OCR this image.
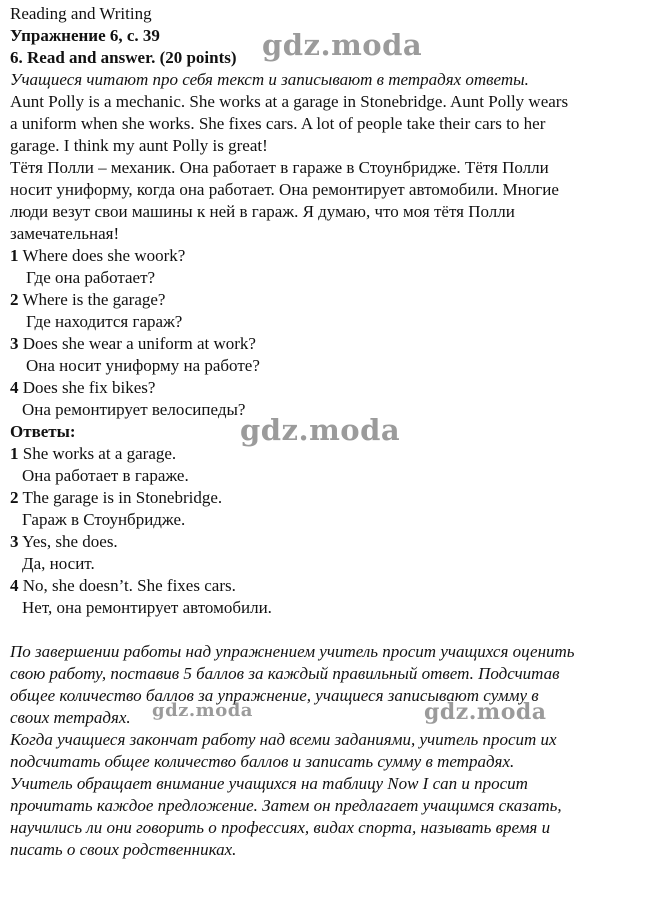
Reading and Writing
Упражнение 6, с. 39
6. Read and answer. (20 points)
Учащиеся читают про себя текст и записывают в тетрадях ответы.
Aunt Polly is a mechanic. She works at a garage in Stonebridge. Aunt Polly wears
a uniform when she works. She fixes cars. A lot of people take their cars to her
garage. I think my aunt Polly is great!
Тётя Полли – механик. Она работает в гараже в Стоунбридже. Тётя Полли
носит униформу, когда она работает. Она ремонтирует автомобили. Многие
люди везут свои машины к ней в гараж. Я думаю, что моя тётя Полли
замечательная!
1 Where does she woork?
Где она работает?
2 Where is the garage?
Где находится гараж?
3 Does she wear a uniform at work?
Она носит униформу на работе?
4 Does she fix bikes?
Она ремонтирует велосипеды?
Ответы:
1 She works at a garage.
Она работает в гараже.
2 The garage is in Stonebridge.
Гараж в Стоунбридже.
3 Yes, she does.
Да, носит.
4 No, she doesn’t. She fixes cars.
Нет, она ремонтирует автомобили.
По завершении работы над упражнением учитель просит учащихся оценить
свою работу, поставив 5 баллов за каждый правильный ответ. Подсчитав
общее количество баллов за упражнение, учащиеся записывают сумму в
своих тетрадях.
Когда учащиеся закончат работу над всеми заданиями, учитель просит их
подсчитать общее количество баллов и записать сумму в тетрадях.
Учитель обращает внимание учащихся на таблицу Now I can и просит
прочитать каждое предложение. Затем он предлагает учащимся сказать,
научились ли они говорить о профессиях, видах спорта, называть время и
писать о своих родственниках.
gdz.moda
gdz.moda
gdz.moda	gdz.moda
